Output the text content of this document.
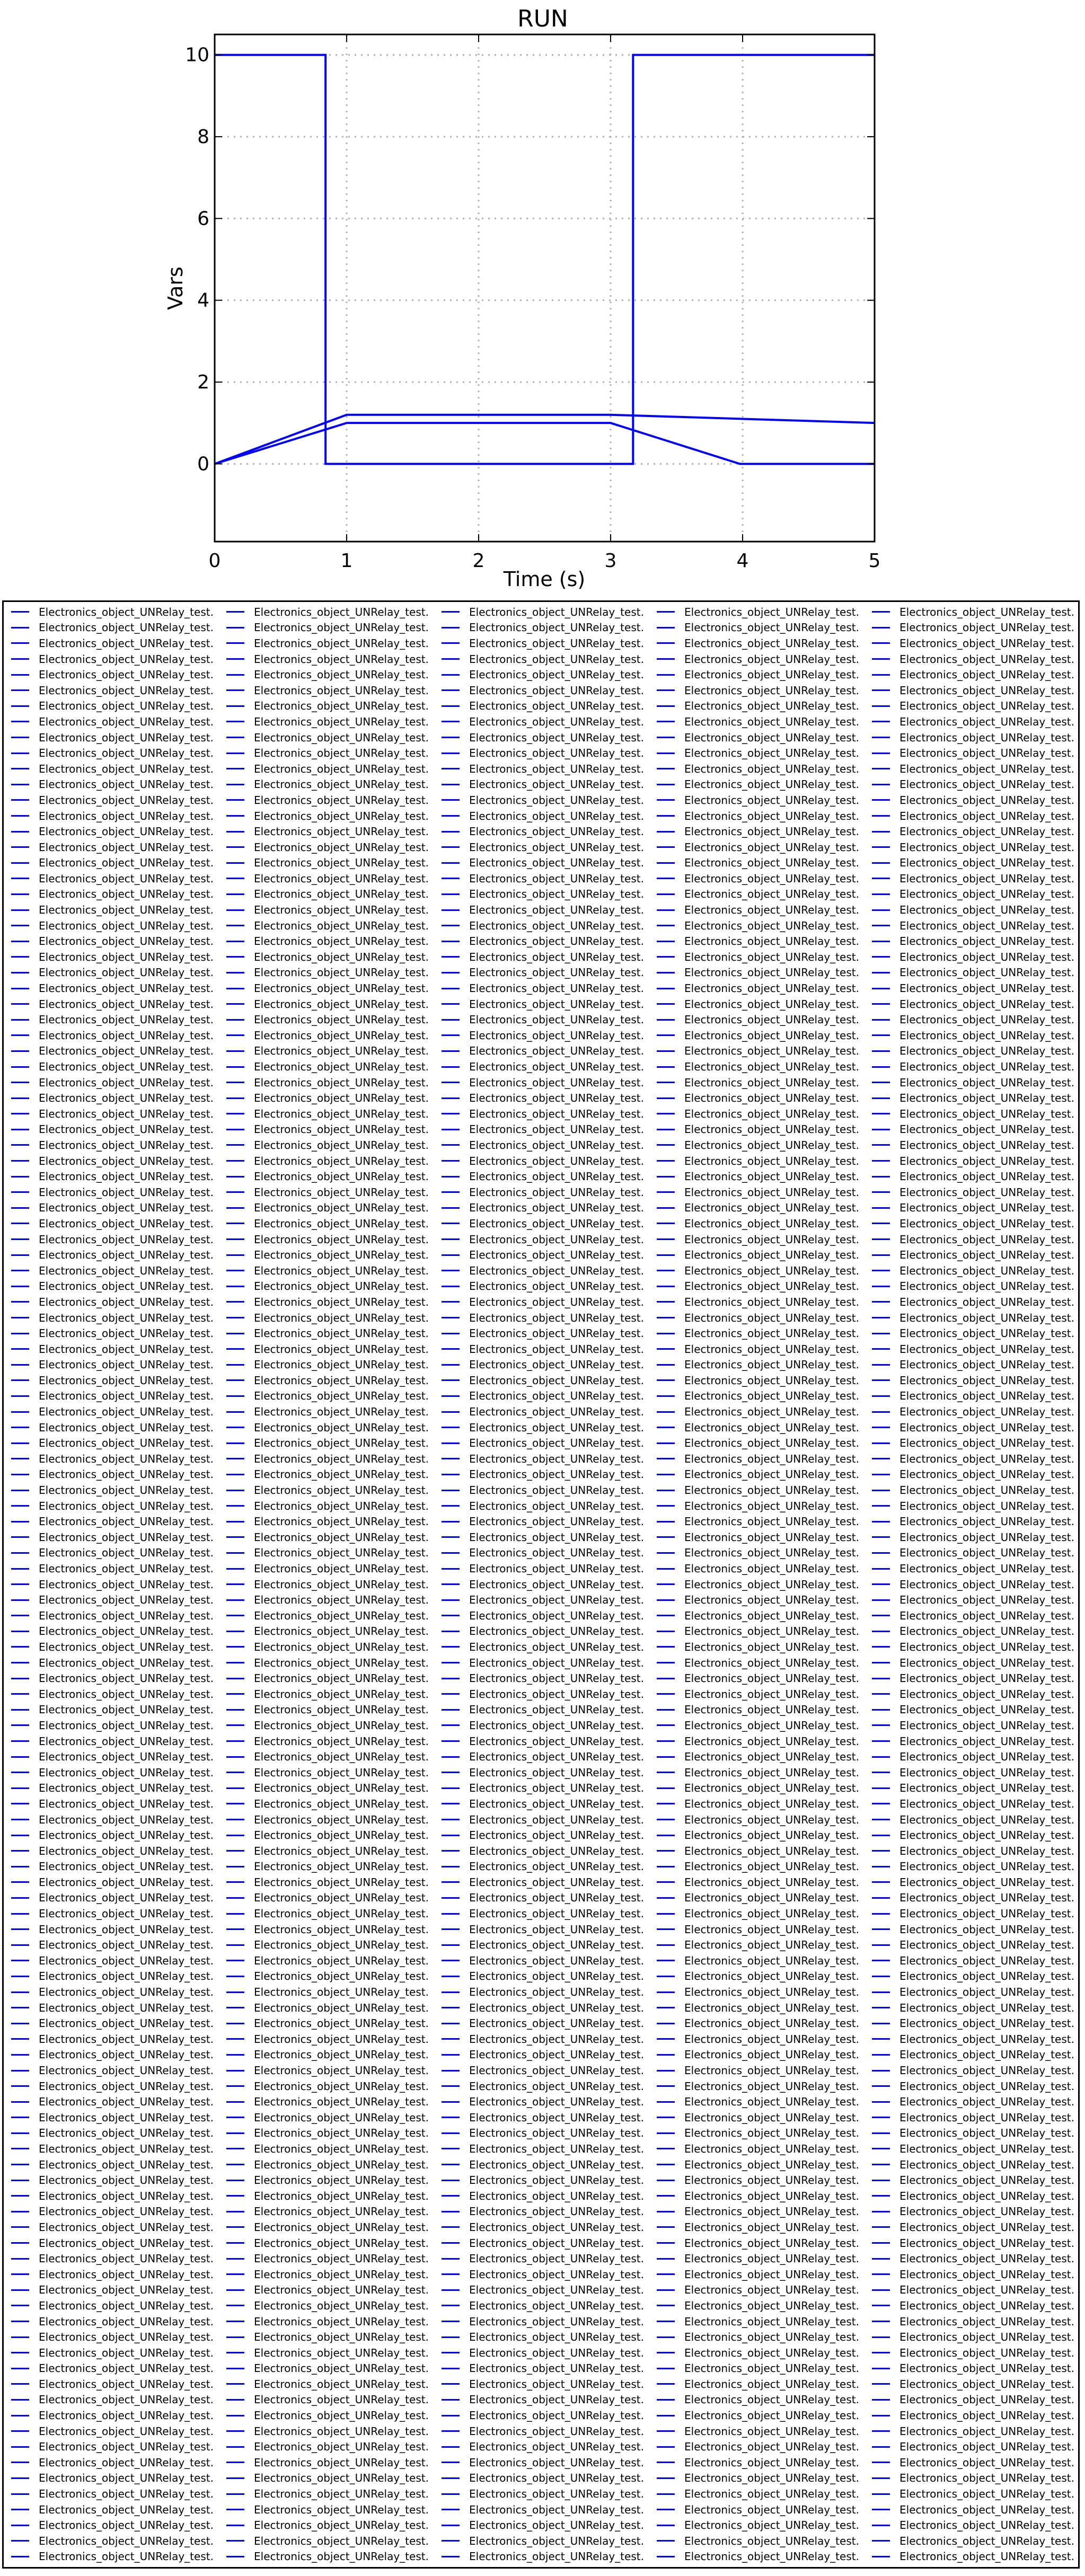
RUN
0	1	2	3	4	5
0
2
4
6
8
10
Time (s)
Vars
Electronics_object_UNRelay_test.	Electronics_object_UNRelay_test.	Electronics_object_UNRelay_test.	Electronics_object_UNRelay_test.	Electronics_object_UNRelay_test.
Electronics_object_UNRelay_test.	Electronics_object_UNRelay_test.	Electronics_object_UNRelay_test.	Electronics_object_UNRelay_test.	Electronics_object_UNRelay_test.
Electronics_object_UNRelay_test.	Electronics_object_UNRelay_test.	Electronics_object_UNRelay_test.	Electronics_object_UNRelay_test.	Electronics_object_UNRelay_test.
Electronics_object_UNRelay_test.	Electronics_object_UNRelay_test.	Electronics_object_UNRelay_test.	Electronics_object_UNRelay_test.	Electronics_object_UNRelay_test.
Electronics_object_UNRelay_test.	Electronics_object_UNRelay_test.	Electronics_object_UNRelay_test.	Electronics_object_UNRelay_test.	Electronics_object_UNRelay_test.
Electronics_object_UNRelay_test.	Electronics_object_UNRelay_test.	Electronics_object_UNRelay_test.	Electronics_object_UNRelay_test.	Electronics_object_UNRelay_test.
Electronics_object_UNRelay_test.	Electronics_object_UNRelay_test.	Electronics_object_UNRelay_test.	Electronics_object_UNRelay_test.	Electronics_object_UNRelay_test.
Electronics_object_UNRelay_test.	Electronics_object_UNRelay_test.	Electronics_object_UNRelay_test.	Electronics_object_UNRelay_test.	Electronics_object_UNRelay_test.
Electronics_object_UNRelay_test.	Electronics_object_UNRelay_test.	Electronics_object_UNRelay_test.	Electronics_object_UNRelay_test.	Electronics_object_UNRelay_test.
Electronics_object_UNRelay_test.	Electronics_object_UNRelay_test.	Electronics_object_UNRelay_test.	Electronics_object_UNRelay_test.	Electronics_object_UNRelay_test.
Electronics_object_UNRelay_test.	Electronics_object_UNRelay_test.	Electronics_object_UNRelay_test.	Electronics_object_UNRelay_test.	Electronics_object_UNRelay_test.
Electronics_object_UNRelay_test.	Electronics_object_UNRelay_test.	Electronics_object_UNRelay_test.	Electronics_object_UNRelay_test.	Electronics_object_UNRelay_test.
Electronics_object_UNRelay_test.	Electronics_object_UNRelay_test.	Electronics_object_UNRelay_test.	Electronics_object_UNRelay_test.	Electronics_object_UNRelay_test.
Electronics_object_UNRelay_test.	Electronics_object_UNRelay_test.	Electronics_object_UNRelay_test.	Electronics_object_UNRelay_test.	Electronics_object_UNRelay_test.
Electronics_object_UNRelay_test.	Electronics_object_UNRelay_test.	Electronics_object_UNRelay_test.	Electronics_object_UNRelay_test.	Electronics_object_UNRelay_test.
Electronics_object_UNRelay_test.	Electronics_object_UNRelay_test.	Electronics_object_UNRelay_test.	Electronics_object_UNRelay_test.	Electronics_object_UNRelay_test.
Electronics_object_UNRelay_test.	Electronics_object_UNRelay_test.	Electronics_object_UNRelay_test.	Electronics_object_UNRelay_test.	Electronics_object_UNRelay_test.
Electronics_object_UNRelay_test.	Electronics_object_UNRelay_test.	Electronics_object_UNRelay_test.	Electronics_object_UNRelay_test.	Electronics_object_UNRelay_test.
Electronics_object_UNRelay_test.	Electronics_object_UNRelay_test.	Electronics_object_UNRelay_test.	Electronics_object_UNRelay_test.	Electronics_object_UNRelay_test.
Electronics_object_UNRelay_test.	Electronics_object_UNRelay_test.	Electronics_object_UNRelay_test.	Electronics_object_UNRelay_test.	Electronics_object_UNRelay_test.
Electronics_object_UNRelay_test.	Electronics_object_UNRelay_test.	Electronics_object_UNRelay_test.	Electronics_object_UNRelay_test.	Electronics_object_UNRelay_test.
Electronics_object_UNRelay_test.	Electronics_object_UNRelay_test.	Electronics_object_UNRelay_test.	Electronics_object_UNRelay_test.	Electronics_object_UNRelay_test.
Electronics_object_UNRelay_test.	Electronics_object_UNRelay_test.	Electronics_object_UNRelay_test.	Electronics_object_UNRelay_test.	Electronics_object_UNRelay_test.
Electronics_object_UNRelay_test.	Electronics_object_UNRelay_test.	Electronics_object_UNRelay_test.	Electronics_object_UNRelay_test.	Electronics_object_UNRelay_test.
Electronics_object_UNRelay_test.	Electronics_object_UNRelay_test.	Electronics_object_UNRelay_test.	Electronics_object_UNRelay_test.	Electronics_object_UNRelay_test.
Electronics_object_UNRelay_test.	Electronics_object_UNRelay_test.	Electronics_object_UNRelay_test.	Electronics_object_UNRelay_test.	Electronics_object_UNRelay_test.
Electronics_object_UNRelay_test.	Electronics_object_UNRelay_test.	Electronics_object_UNRelay_test.	Electronics_object_UNRelay_test.	Electronics_object_UNRelay_test.
Electronics_object_UNRelay_test.	Electronics_object_UNRelay_test.	Electronics_object_UNRelay_test.	Electronics_object_UNRelay_test.	Electronics_object_UNRelay_test.
Electronics_object_UNRelay_test.	Electronics_object_UNRelay_test.	Electronics_object_UNRelay_test.	Electronics_object_UNRelay_test.	Electronics_object_UNRelay_test.
Electronics_object_UNRelay_test.	Electronics_object_UNRelay_test.	Electronics_object_UNRelay_test.	Electronics_object_UNRelay_test.	Electronics_object_UNRelay_test.
Electronics_object_UNRelay_test.	Electronics_object_UNRelay_test.	Electronics_object_UNRelay_test.	Electronics_object_UNRelay_test.	Electronics_object_UNRelay_test.
Electronics_object_UNRelay_test.	Electronics_object_UNRelay_test.	Electronics_object_UNRelay_test.	Electronics_object_UNRelay_test.	Electronics_object_UNRelay_test.
Electronics_object_UNRelay_test.	Electronics_object_UNRelay_test.	Electronics_object_UNRelay_test.	Electronics_object_UNRelay_test.	Electronics_object_UNRelay_test.
Electronics_object_UNRelay_test.	Electronics_object_UNRelay_test.	Electronics_object_UNRelay_test.	Electronics_object_UNRelay_test.	Electronics_object_UNRelay_test.
Electronics_object_UNRelay_test.	Electronics_object_UNRelay_test.	Electronics_object_UNRelay_test.	Electronics_object_UNRelay_test.	Electronics_object_UNRelay_test.
Electronics_object_UNRelay_test.	Electronics_object_UNRelay_test.	Electronics_object_UNRelay_test.	Electronics_object_UNRelay_test.	Electronics_object_UNRelay_test.
Electronics_object_UNRelay_test.	Electronics_object_UNRelay_test.	Electronics_object_UNRelay_test.	Electronics_object_UNRelay_test.	Electronics_object_UNRelay_test.
Electronics_object_UNRelay_test.	Electronics_object_UNRelay_test.	Electronics_object_UNRelay_test.	Electronics_object_UNRelay_test.	Electronics_object_UNRelay_test.
Electronics_object_UNRelay_test.	Electronics_object_UNRelay_test.	Electronics_object_UNRelay_test.	Electronics_object_UNRelay_test.	Electronics_object_UNRelay_test.
Electronics_object_UNRelay_test.	Electronics_object_UNRelay_test.	Electronics_object_UNRelay_test.	Electronics_object_UNRelay_test.	Electronics_object_UNRelay_test.
Electronics_object_UNRelay_test.	Electronics_object_UNRelay_test.	Electronics_object_UNRelay_test.	Electronics_object_UNRelay_test.	Electronics_object_UNRelay_test.
Electronics_object_UNRelay_test.	Electronics_object_UNRelay_test.	Electronics_object_UNRelay_test.	Electronics_object_UNRelay_test.	Electronics_object_UNRelay_test.
Electronics_object_UNRelay_test.	Electronics_object_UNRelay_test.	Electronics_object_UNRelay_test.	Electronics_object_UNRelay_test.	Electronics_object_UNRelay_test.
Electronics_object_UNRelay_test.	Electronics_object_UNRelay_test.	Electronics_object_UNRelay_test.	Electronics_object_UNRelay_test.	Electronics_object_UNRelay_test.
Electronics_object_UNRelay_test.	Electronics_object_UNRelay_test.	Electronics_object_UNRelay_test.	Electronics_object_UNRelay_test.	Electronics_object_UNRelay_test.
Electronics_object_UNRelay_test.	Electronics_object_UNRelay_test.	Electronics_object_UNRelay_test.	Electronics_object_UNRelay_test.	Electronics_object_UNRelay_test.
Electronics_object_UNRelay_test.	Electronics_object_UNRelay_test.	Electronics_object_UNRelay_test.	Electronics_object_UNRelay_test.	Electronics_object_UNRelay_test.
Electronics_object_UNRelay_test.	Electronics_object_UNRelay_test.	Electronics_object_UNRelay_test.	Electronics_object_UNRelay_test.	Electronics_object_UNRelay_test.
Electronics_object_UNRelay_test.	Electronics_object_UNRelay_test.	Electronics_object_UNRelay_test.	Electronics_object_UNRelay_test.	Electronics_object_UNRelay_test.
Electronics_object_UNRelay_test.	Electronics_object_UNRelay_test.	Electronics_object_UNRelay_test.	Electronics_object_UNRelay_test.	Electronics_object_UNRelay_test.
Electronics_object_UNRelay_test.	Electronics_object_UNRelay_test.	Electronics_object_UNRelay_test.	Electronics_object_UNRelay_test.	Electronics_object_UNRelay_test.
Electronics_object_UNRelay_test.	Electronics_object_UNRelay_test.	Electronics_object_UNRelay_test.	Electronics_object_UNRelay_test.	Electronics_object_UNRelay_test.
Electronics_object_UNRelay_test.	Electronics_object_UNRelay_test.	Electronics_object_UNRelay_test.	Electronics_object_UNRelay_test.	Electronics_object_UNRelay_test.
Electronics_object_UNRelay_test.	Electronics_object_UNRelay_test.	Electronics_object_UNRelay_test.	Electronics_object_UNRelay_test.	Electronics_object_UNRelay_test.
Electronics_object_UNRelay_test.	Electronics_object_UNRelay_test.	Electronics_object_UNRelay_test.	Electronics_object_UNRelay_test.	Electronics_object_UNRelay_test.
Electronics_object_UNRelay_test.	Electronics_object_UNRelay_test.	Electronics_object_UNRelay_test.	Electronics_object_UNRelay_test.	Electronics_object_UNRelay_test.
Electronics_object_UNRelay_test.	Electronics_object_UNRelay_test.	Electronics_object_UNRelay_test.	Electronics_object_UNRelay_test.	Electronics_object_UNRelay_test.
Electronics_object_UNRelay_test.	Electronics_object_UNRelay_test.	Electronics_object_UNRelay_test.	Electronics_object_UNRelay_test.	Electronics_object_UNRelay_test.
Electronics_object_UNRelay_test.	Electronics_object_UNRelay_test.	Electronics_object_UNRelay_test.	Electronics_object_UNRelay_test.	Electronics_object_UNRelay_test.
Electronics_object_UNRelay_test.	Electronics_object_UNRelay_test.	Electronics_object_UNRelay_test.	Electronics_object_UNRelay_test.	Electronics_object_UNRelay_test.
Electronics_object_UNRelay_test.	Electronics_object_UNRelay_test.	Electronics_object_UNRelay_test.	Electronics_object_UNRelay_test.	Electronics_object_UNRelay_test.
Electronics_object_UNRelay_test.	Electronics_object_UNRelay_test.	Electronics_object_UNRelay_test.	Electronics_object_UNRelay_test.	Electronics_object_UNRelay_test.
Electronics_object_UNRelay_test.	Electronics_object_UNRelay_test.	Electronics_object_UNRelay_test.	Electronics_object_UNRelay_test.	Electronics_object_UNRelay_test.
Electronics_object_UNRelay_test.	Electronics_object_UNRelay_test.	Electronics_object_UNRelay_test.	Electronics_object_UNRelay_test.	Electronics_object_UNRelay_test.
Electronics_object_UNRelay_test.	Electronics_object_UNRelay_test.	Electronics_object_UNRelay_test.	Electronics_object_UNRelay_test.	Electronics_object_UNRelay_test.
Electronics_object_UNRelay_test.	Electronics_object_UNRelay_test.	Electronics_object_UNRelay_test.	Electronics_object_UNRelay_test.	Electronics_object_UNRelay_test.
Electronics_object_UNRelay_test.	Electronics_object_UNRelay_test.	Electronics_object_UNRelay_test.	Electronics_object_UNRelay_test.	Electronics_object_UNRelay_test.
Electronics_object_UNRelay_test.	Electronics_object_UNRelay_test.	Electronics_object_UNRelay_test.	Electronics_object_UNRelay_test.	Electronics_object_UNRelay_test.
Electronics_object_UNRelay_test.	Electronics_object_UNRelay_test.	Electronics_object_UNRelay_test.	Electronics_object_UNRelay_test.	Electronics_object_UNRelay_test.
Electronics_object_UNRelay_test.	Electronics_object_UNRelay_test.	Electronics_object_UNRelay_test.	Electronics_object_UNRelay_test.	Electronics_object_UNRelay_test.
Electronics_object_UNRelay_test.	Electronics_object_UNRelay_test.	Electronics_object_UNRelay_test.	Electronics_object_UNRelay_test.	Electronics_object_UNRelay_test.
Electronics_object_UNRelay_test.	Electronics_object_UNRelay_test.	Electronics_object_UNRelay_test.	Electronics_object_UNRelay_test.	Electronics_object_UNRelay_test.
Electronics_object_UNRelay_test.	Electronics_object_UNRelay_test.	Electronics_object_UNRelay_test.	Electronics_object_UNRelay_test.	Electronics_object_UNRelay_test.
Electronics_object_UNRelay_test.	Electronics_object_UNRelay_test.	Electronics_object_UNRelay_test.	Electronics_object_UNRelay_test.	Electronics_object_UNRelay_test.
Electronics_object_UNRelay_test.	Electronics_object_UNRelay_test.	Electronics_object_UNRelay_test.	Electronics_object_UNRelay_test.	Electronics_object_UNRelay_test.
Electronics_object_UNRelay_test.	Electronics_object_UNRelay_test.	Electronics_object_UNRelay_test.	Electronics_object_UNRelay_test.	Electronics_object_UNRelay_test.
Electronics_object_UNRelay_test.	Electronics_object_UNRelay_test.	Electronics_object_UNRelay_test.	Electronics_object_UNRelay_test.	Electronics_object_UNRelay_test.
Electronics_object_UNRelay_test.	Electronics_object_UNRelay_test.	Electronics_object_UNRelay_test.	Electronics_object_UNRelay_test.	Electronics_object_UNRelay_test.
Electronics_object_UNRelay_test.	Electronics_object_UNRelay_test.	Electronics_object_UNRelay_test.	Electronics_object_UNRelay_test.	Electronics_object_UNRelay_test.
Electronics_object_UNRelay_test.	Electronics_object_UNRelay_test.	Electronics_object_UNRelay_test.	Electronics_object_UNRelay_test.	Electronics_object_UNRelay_test.
Electronics_object_UNRelay_test.	Electronics_object_UNRelay_test.	Electronics_object_UNRelay_test.	Electronics_object_UNRelay_test.	Electronics_object_UNRelay_test.
Electronics_object_UNRelay_test.	Electronics_object_UNRelay_test.	Electronics_object_UNRelay_test.	Electronics_object_UNRelay_test.	Electronics_object_UNRelay_test.
Electronics_object_UNRelay_test.	Electronics_object_UNRelay_test.	Electronics_object_UNRelay_test.	Electronics_object_UNRelay_test.	Electronics_object_UNRelay_test.
Electronics_object_UNRelay_test.	Electronics_object_UNRelay_test.	Electronics_object_UNRelay_test.	Electronics_object_UNRelay_test.	Electronics_object_UNRelay_test.
Electronics_object_UNRelay_test.	Electronics_object_UNRelay_test.	Electronics_object_UNRelay_test.	Electronics_object_UNRelay_test.	Electronics_object_UNRelay_test.
Electronics_object_UNRelay_test.	Electronics_object_UNRelay_test.	Electronics_object_UNRelay_test.	Electronics_object_UNRelay_test.	Electronics_object_UNRelay_test.
Electronics_object_UNRelay_test.	Electronics_object_UNRelay_test.	Electronics_object_UNRelay_test.	Electronics_object_UNRelay_test.	Electronics_object_UNRelay_test.
Electronics_object_UNRelay_test.	Electronics_object_UNRelay_test.	Electronics_object_UNRelay_test.	Electronics_object_UNRelay_test.	Electronics_object_UNRelay_test.
Electronics_object_UNRelay_test.	Electronics_object_UNRelay_test.	Electronics_object_UNRelay_test.	Electronics_object_UNRelay_test.	Electronics_object_UNRelay_test.
Electronics_object_UNRelay_test.	Electronics_object_UNRelay_test.	Electronics_object_UNRelay_test.	Electronics_object_UNRelay_test.	Electronics_object_UNRelay_test.
Electronics_object_UNRelay_test.	Electronics_object_UNRelay_test.	Electronics_object_UNRelay_test.	Electronics_object_UNRelay_test.	Electronics_object_UNRelay_test.
Electronics_object_UNRelay_test.	Electronics_object_UNRelay_test.	Electronics_object_UNRelay_test.	Electronics_object_UNRelay_test.	Electronics_object_UNRelay_test.
Electronics_object_UNRelay_test.	Electronics_object_UNRelay_test.	Electronics_object_UNRelay_test.	Electronics_object_UNRelay_test.	Electronics_object_UNRelay_test.
Electronics_object_UNRelay_test.	Electronics_object_UNRelay_test.	Electronics_object_UNRelay_test.	Electronics_object_UNRelay_test.	Electronics_object_UNRelay_test.
Electronics_object_UNRelay_test.	Electronics_object_UNRelay_test.	Electronics_object_UNRelay_test.	Electronics_object_UNRelay_test.	Electronics_object_UNRelay_test.
Electronics_object_UNRelay_test.	Electronics_object_UNRelay_test.	Electronics_object_UNRelay_test.	Electronics_object_UNRelay_test.	Electronics_object_UNRelay_test.
Electronics_object_UNRelay_test.	Electronics_object_UNRelay_test.	Electronics_object_UNRelay_test.	Electronics_object_UNRelay_test.	Electronics_object_UNRelay_test.
Electronics_object_UNRelay_test.	Electronics_object_UNRelay_test.	Electronics_object_UNRelay_test.	Electronics_object_UNRelay_test.	Electronics_object_UNRelay_test.
Electronics_object_UNRelay_test.	Electronics_object_UNRelay_test.	Electronics_object_UNRelay_test.	Electronics_object_UNRelay_test.	Electronics_object_UNRelay_test.
Electronics_object_UNRelay_test.	Electronics_object_UNRelay_test.	Electronics_object_UNRelay_test.	Electronics_object_UNRelay_test.	Electronics_object_UNRelay_test.
Electronics_object_UNRelay_test.	Electronics_object_UNRelay_test.	Electronics_object_UNRelay_test.	Electronics_object_UNRelay_test.	Electronics_object_UNRelay_test.
Electronics_object_UNRelay_test.	Electronics_object_UNRelay_test.	Electronics_object_UNRelay_test.	Electronics_object_UNRelay_test.	Electronics_object_UNRelay_test.
Electronics_object_UNRelay_test.	Electronics_object_UNRelay_test.	Electronics_object_UNRelay_test.	Electronics_object_UNRelay_test.	Electronics_object_UNRelay_test.
Electronics_object_UNRelay_test.	Electronics_object_UNRelay_test.	Electronics_object_UNRelay_test.	Electronics_object_UNRelay_test.	Electronics_object_UNRelay_test.
Electronics_object_UNRelay_test.	Electronics_object_UNRelay_test.	Electronics_object_UNRelay_test.	Electronics_object_UNRelay_test.	Electronics_object_UNRelay_test.
Electronics_object_UNRelay_test.	Electronics_object_UNRelay_test.	Electronics_object_UNRelay_test.	Electronics_object_UNRelay_test.	Electronics_object_UNRelay_test.
Electronics_object_UNRelay_test.	Electronics_object_UNRelay_test.	Electronics_object_UNRelay_test.	Electronics_object_UNRelay_test.	Electronics_object_UNRelay_test.
Electronics_object_UNRelay_test.	Electronics_object_UNRelay_test.	Electronics_object_UNRelay_test.	Electronics_object_UNRelay_test.	Electronics_object_UNRelay_test.
Electronics_object_UNRelay_test.	Electronics_object_UNRelay_test.	Electronics_object_UNRelay_test.	Electronics_object_UNRelay_test.	Electronics_object_UNRelay_test.
Electronics_object_UNRelay_test.	Electronics_object_UNRelay_test.	Electronics_object_UNRelay_test.	Electronics_object_UNRelay_test.	Electronics_object_UNRelay_test.
Electronics_object_UNRelay_test.	Electronics_object_UNRelay_test.	Electronics_object_UNRelay_test.	Electronics_object_UNRelay_test.	Electronics_object_UNRelay_test.
Electronics_object_UNRelay_test.	Electronics_object_UNRelay_test.	Electronics_object_UNRelay_test.	Electronics_object_UNRelay_test.	Electronics_object_UNRelay_test.
Electronics_object_UNRelay_test.	Electronics_object_UNRelay_test.	Electronics_object_UNRelay_test.	Electronics_object_UNRelay_test.	Electronics_object_UNRelay_test.
Electronics_object_UNRelay_test.	Electronics_object_UNRelay_test.	Electronics_object_UNRelay_test.	Electronics_object_UNRelay_test.	Electronics_object_UNRelay_test.
Electronics_object_UNRelay_test.	Electronics_object_UNRelay_test.	Electronics_object_UNRelay_test.	Electronics_object_UNRelay_test.	Electronics_object_UNRelay_test.
Electronics_object_UNRelay_test.	Electronics_object_UNRelay_test.	Electronics_object_UNRelay_test.	Electronics_object_UNRelay_test.	Electronics_object_UNRelay_test.
Electronics_object_UNRelay_test.	Electronics_object_UNRelay_test.	Electronics_object_UNRelay_test.	Electronics_object_UNRelay_test.	Electronics_object_UNRelay_test.
Electronics_object_UNRelay_test.	Electronics_object_UNRelay_test.	Electronics_object_UNRelay_test.	Electronics_object_UNRelay_test.	Electronics_object_UNRelay_test.
Electronics_object_UNRelay_test.	Electronics_object_UNRelay_test.	Electronics_object_UNRelay_test.	Electronics_object_UNRelay_test.	Electronics_object_UNRelay_test.
Electronics_object_UNRelay_test.	Electronics_object_UNRelay_test.	Electronics_object_UNRelay_test.	Electronics_object_UNRelay_test.	Electronics_object_UNRelay_test.
Electronics_object_UNRelay_test.	Electronics_object_UNRelay_test.	Electronics_object_UNRelay_test.	Electronics_object_UNRelay_test.	Electronics_object_UNRelay_test.
Electronics_object_UNRelay_test.	Electronics_object_UNRelay_test.	Electronics_object_UNRelay_test.	Electronics_object_UNRelay_test.	Electronics_object_UNRelay_test.
Electronics_object_UNRelay_test.	Electronics_object_UNRelay_test.	Electronics_object_UNRelay_test.	Electronics_object_UNRelay_test.	Electronics_object_UNRelay_test.
Electronics_object_UNRelay_test.	Electronics_object_UNRelay_test.	Electronics_object_UNRelay_test.	Electronics_object_UNRelay_test.	Electronics_object_UNRelay_test.
Electronics_object_UNRelay_test.	Electronics_object_UNRelay_test.	Electronics_object_UNRelay_test.	Electronics_object_UNRelay_test.	Electronics_object_UNRelay_test.
